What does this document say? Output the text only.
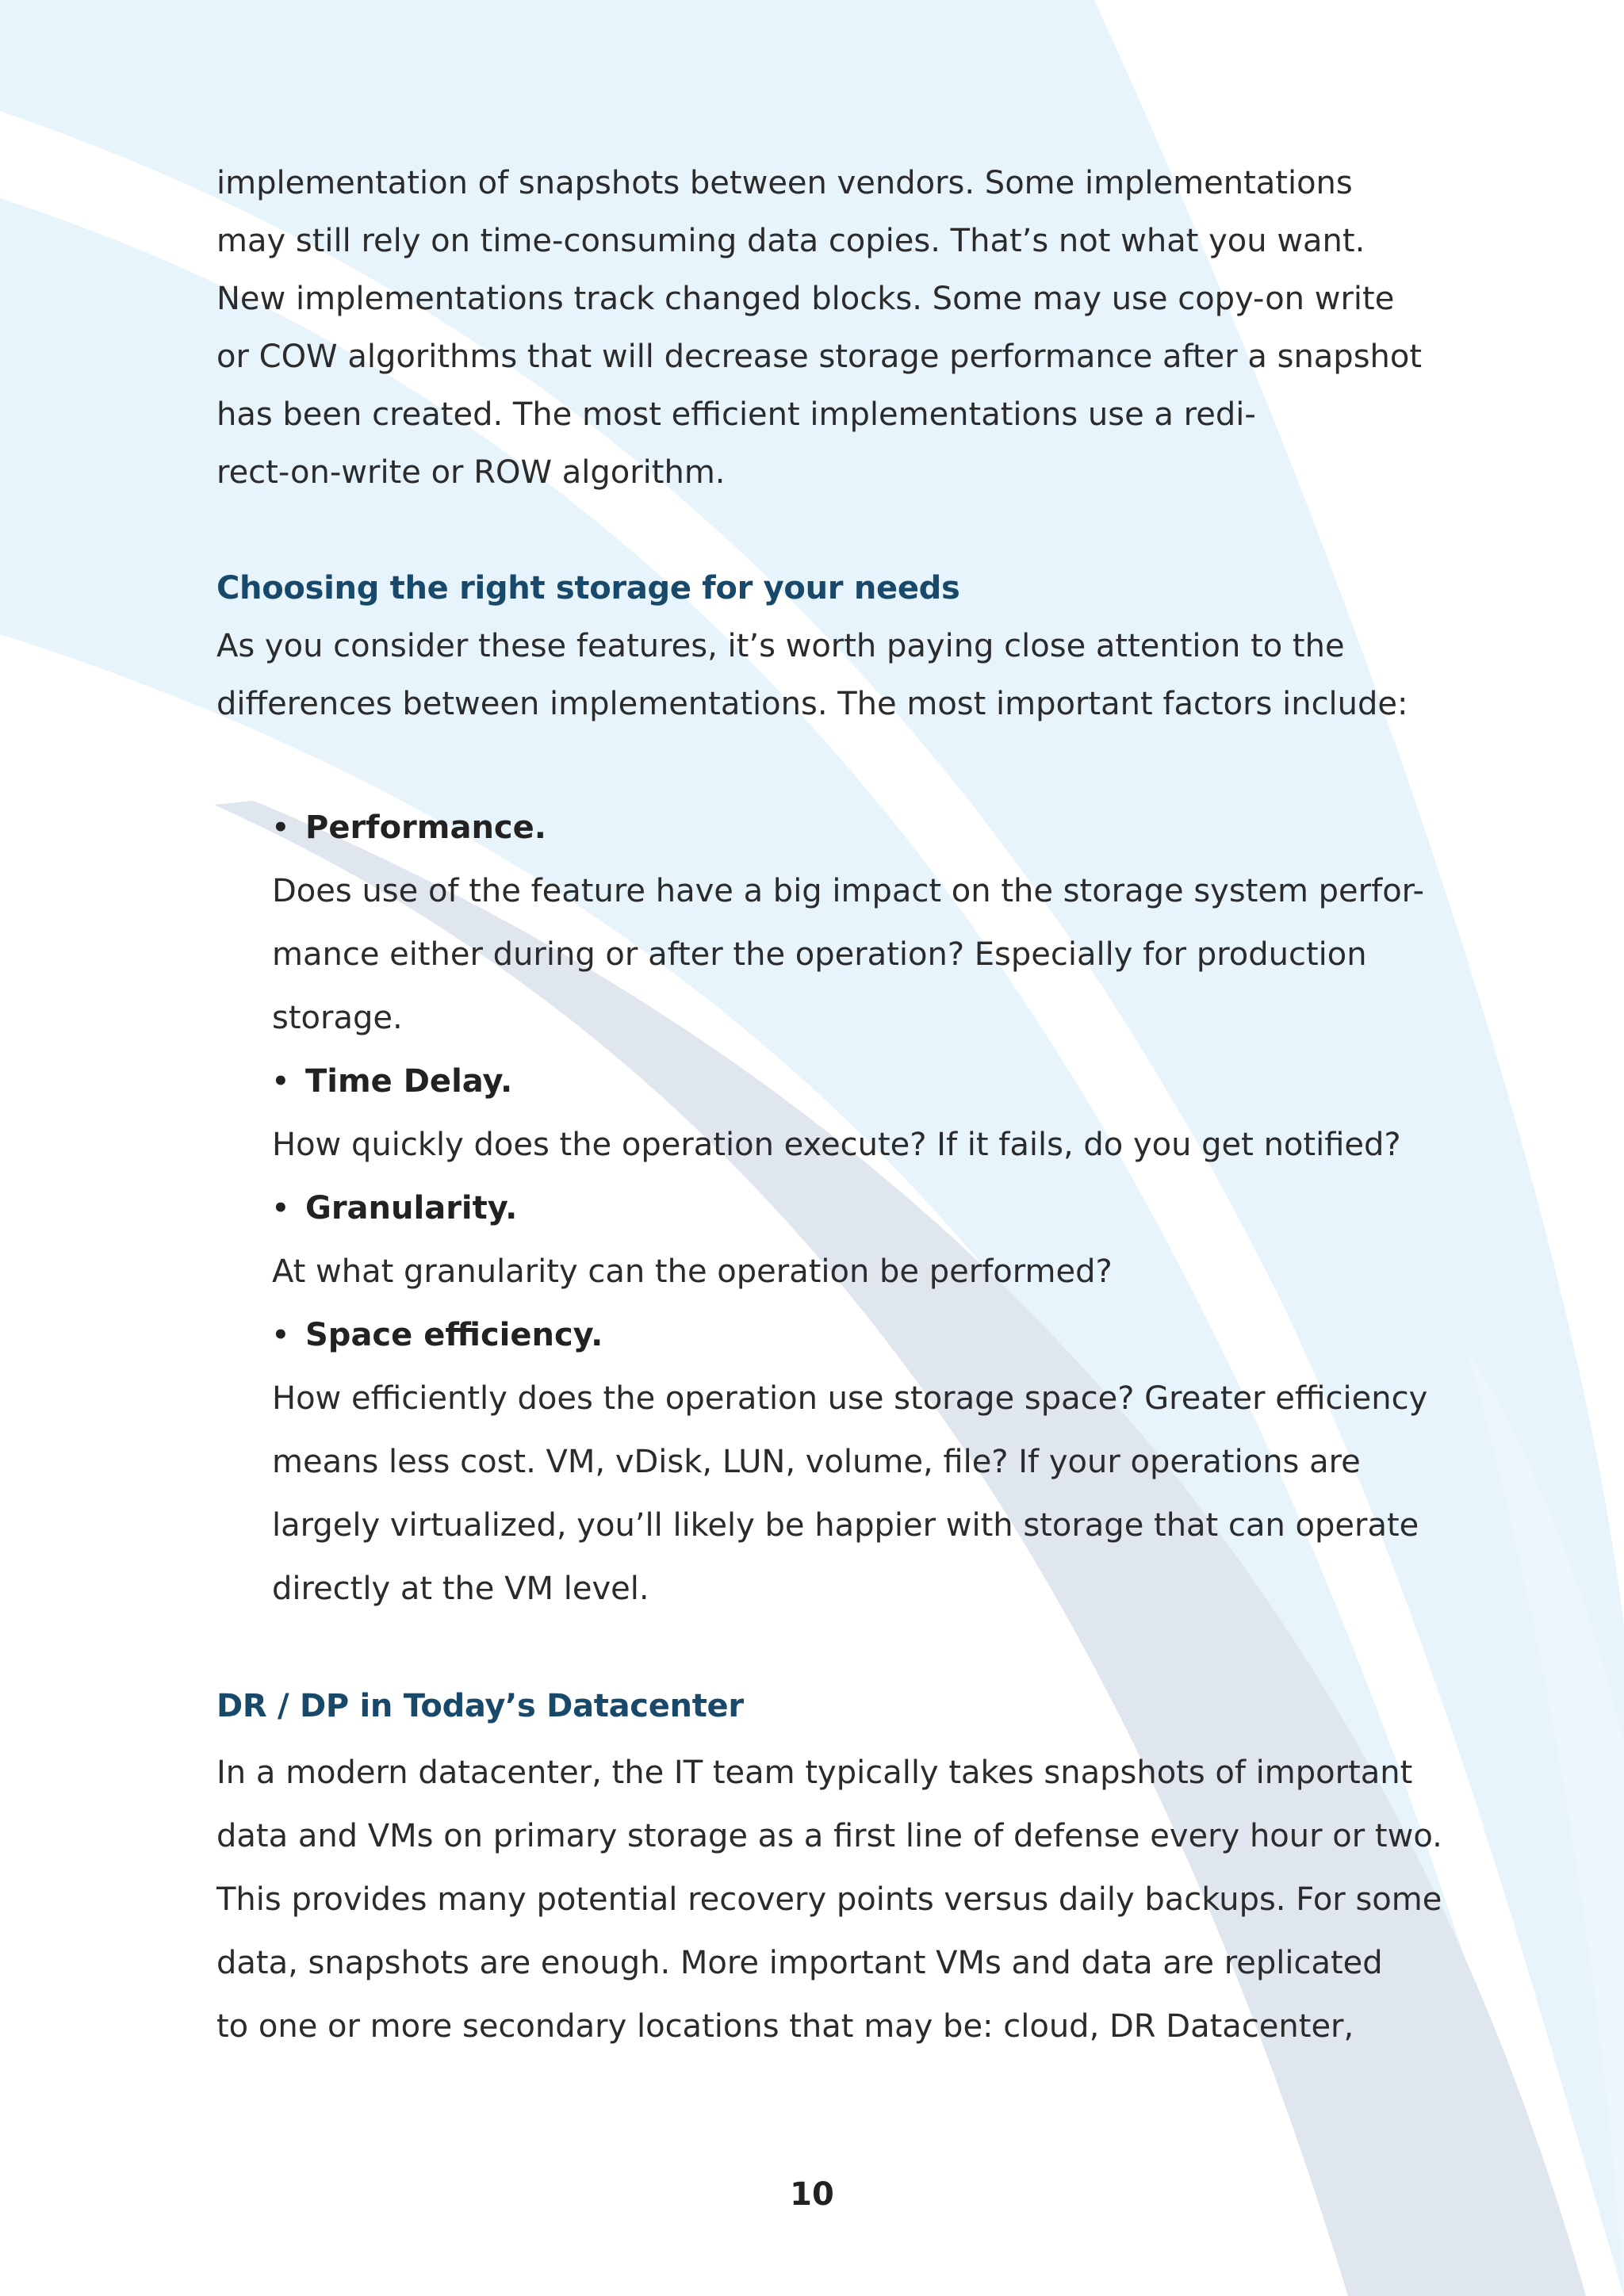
implementation of snapshots between vendors. Some implementations
may still rely on time-consuming data copies. That’s not what you want.
New implementations track changed blocks. Some may use copy-on write
or COW algorithms that will decrease storage performance after a snapshot
has been created. The most efficient implementations use a redi-
rect-on-write or ROW algorithm.

Choosing the right storage for your needs

As you consider these features, it’s worth paying close attention to the
differences between implementations. The most important factors include:

• Performance.
Does use of the feature have a big impact on the storage system perfor-
mance either during or after the operation? Especially for production
storage.
• Time Delay.
How quickly does the operation execute? If it fails, do you get notified?
• Granularity.
At what granularity can the operation be performed?
• Space efficiency.
How efficiently does the operation use storage space? Greater efficiency
means less cost. VM, vDisk, LUN, volume, file? If your operations are
largely virtualized, you’ll likely be happier with storage that can operate
directly at the VM level.
DR / DP in Today’s Datacenter

In a modern datacenter, the IT team typically takes snapshots of important
data and VMs on primary storage as a first line of defense every hour or two.
This provides many potential recovery points versus daily backups. For some
data, snapshots are enough. More important VMs and data are replicated
to one or more secondary locations that may be: cloud, DR Datacenter,

10
